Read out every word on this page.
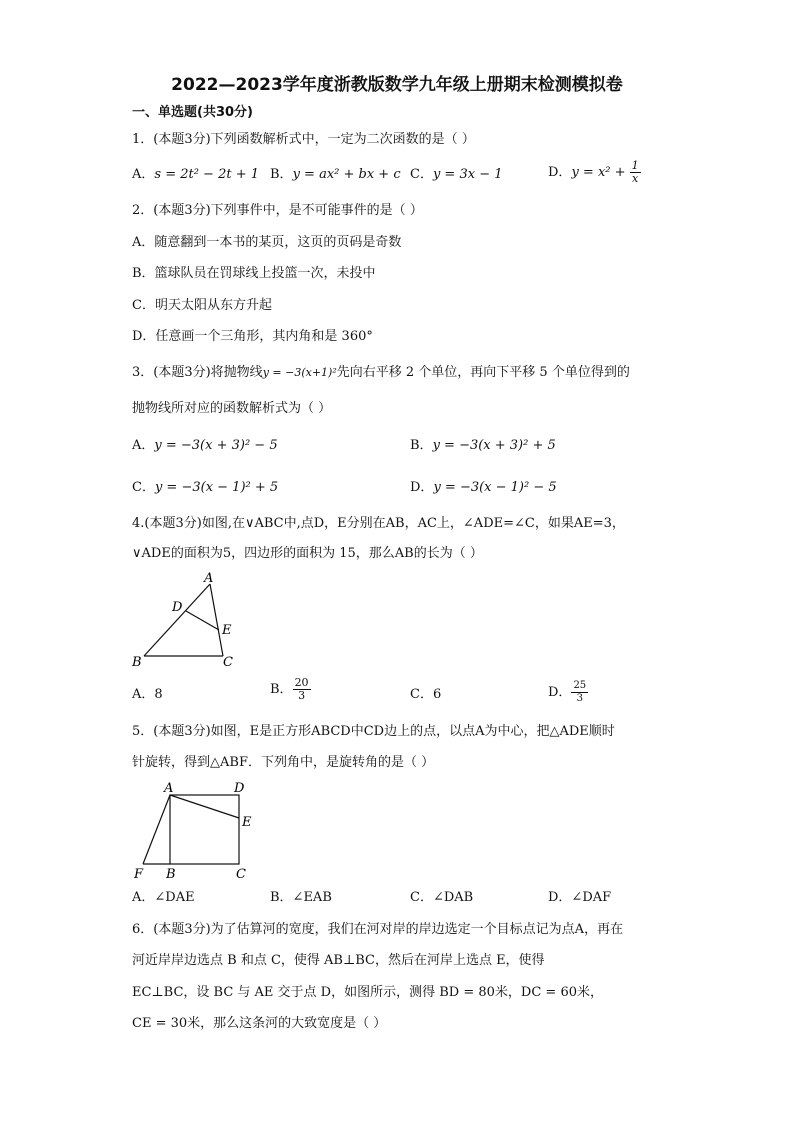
2022—2023学年度浙教版数学九年级上册期末检测模拟卷
一、单选题(共30分)
1．(本题3分)下列函数解析式中，一定为二次函数的是（ ）
A．s = 2t² − 2t + 1 B．y = ax² + bx + c C．y = 3x − 1	D．$y = x^2 + \frac{1}{x}$
2．(本题3分)下列事件中，是不可能事件的是（ ）
A．随意翻到一本书的某页，这页的页码是奇数
B．篮球队员在罚球线上投篮一次，未投中
C．明天太阳从东方升起
D．任意画一个三角形，其内角和是 360°
3．(本题3分)将抛物线y = −3(x+1)²先向右平移 2 个单位，再向下平移 5 个单位得到的
抛物线所对应的函数解析式为（ ）
A．y = −3(x + 3)² − 5	B．y = −3(x + 3)² + 5
C．y = −3(x − 1)² + 5	D．y = −3(x − 1)² − 5
4.(本题3分)如图,在∨ABC中,点D，E分别在AB，AC上，∠ADE=∠C，如果AE=3，
∨ADE的面积为5，四边形的面积为 15，那么AB的长为（ ）
A
D
E
B	C
A．8	B． $\frac{20}{3}$	C．6	D． $\frac{25}{3}$
5．(本题3分)如图，E是正方形ABCD中CD边上的点，以点A为中心，把△ADE顺时
针旋转，得到△ABF．下列角中，是旋转角的是（ ）
A	D
E
F B	C
A．∠DAE	B．∠EAB	C．∠DAB	D．∠DAF
6．(本题3分)为了估算河的宽度，我们在河对岸的岸边选定一个目标点记为点A，再在
河近岸岸边选点 B 和点 C，使得 AB⊥BC，然后在河岸上选点 E，使得
EC⊥BC，设 BC 与 AE 交于点 D，如图所示，测得 BD = 80米，DC = 60米，
CE = 30米，那么这条河的大致宽度是（ ）
